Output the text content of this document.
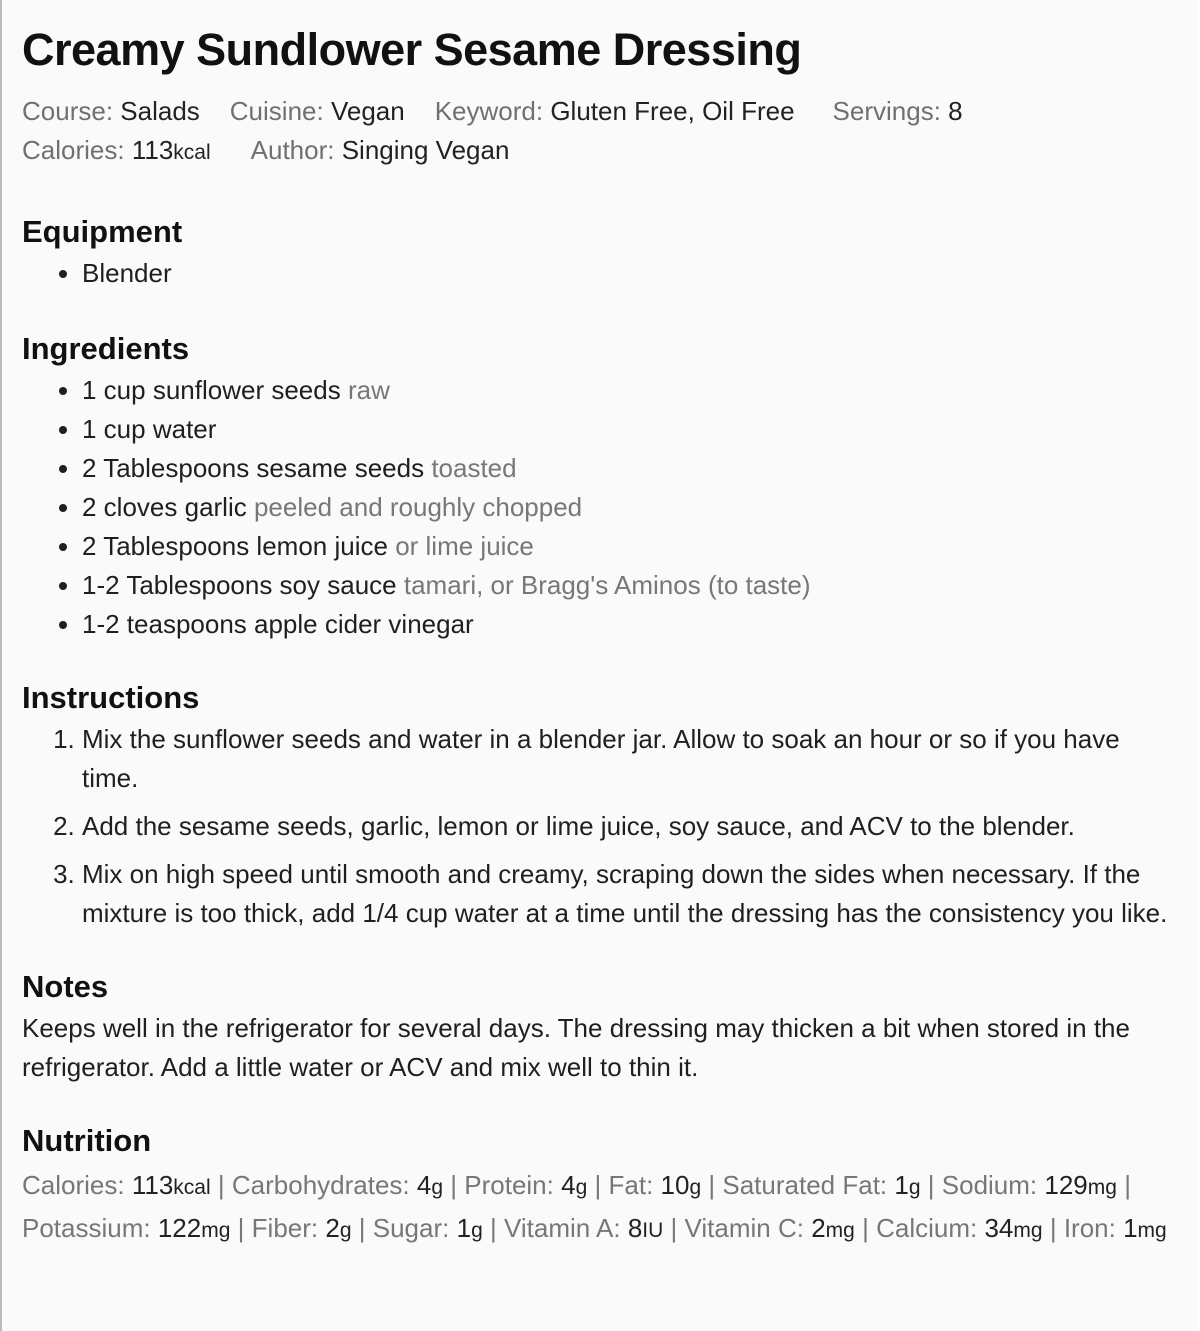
Creamy Sundlower Sesame Dressing
Course: Salads Cuisine: Vegan Keyword: Gluten Free, Oil Free Servings: 8
Calories: 113kcal Author: Singing Vegan
Equipment
• Blender
Ingredients
• 1 cup sunflower seeds raw
• 1 cup water
• 2 Tablespoons sesame seeds toasted
• 2 cloves garlic peeled and roughly chopped
• 2 Tablespoons lemon juice or lime juice
• 1-2 Tablespoons soy sauce tamari, or Bragg's Aminos (to taste)
• 1-2 teaspoons apple cider vinegar
Instructions
1. Mix the sunflower seeds and water in a blender jar. Allow to soak an hour or so if you have time.
2. Add the sesame seeds, garlic, lemon or lime juice, soy sauce, and ACV to the blender.
3. Mix on high speed until smooth and creamy, scraping down the sides when necessary. If the mixture is too thick, add 1/4 cup water at a time until the dressing has the consistency you like.
Notes
Keeps well in the refrigerator for several days. The dressing may thicken a bit when stored in the refrigerator. Add a little water or ACV and mix well to thin it.
Nutrition
Calories: 113kcal | Carbohydrates: 4g | Protein: 4g | Fat: 10g | Saturated Fat: 1g | Sodium: 129mg | Potassium: 122mg | Fiber: 2g | Sugar: 1g | Vitamin A: 8IU | Vitamin C: 2mg | Calcium: 34mg | Iron: 1mg
